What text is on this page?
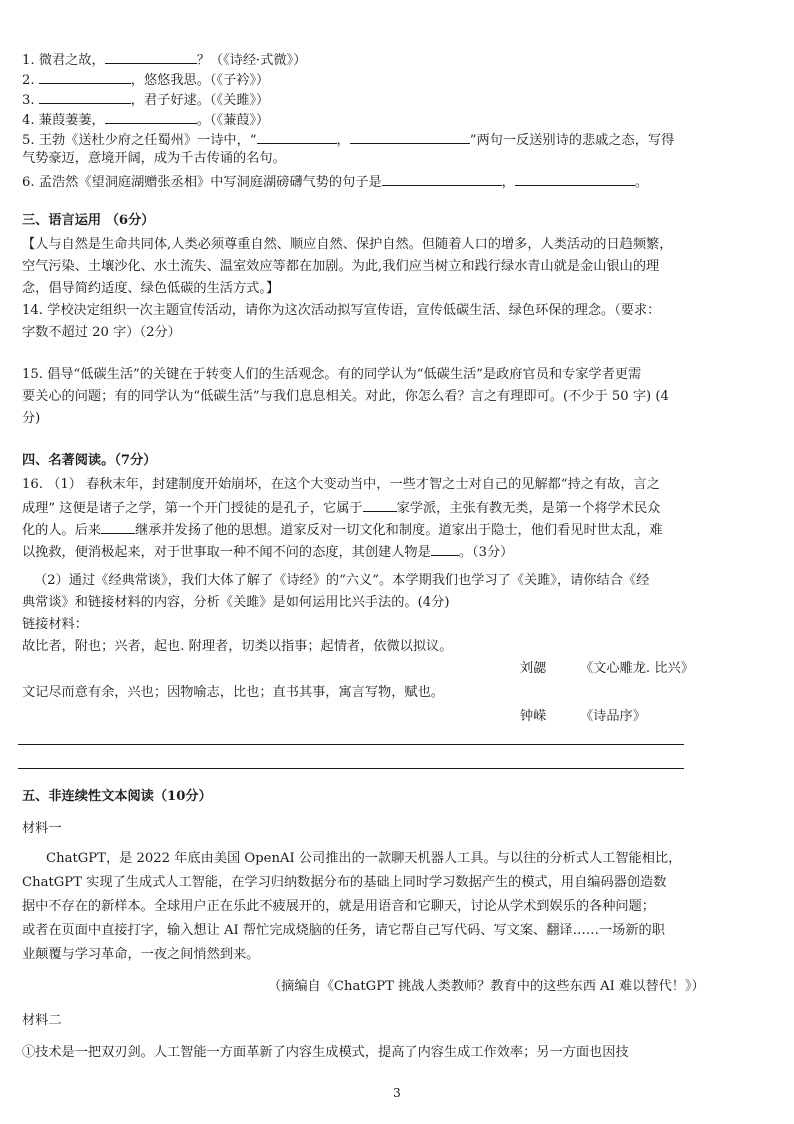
1. 微君之故，	？（《诗经·式微》）
2.	，悠悠我思。（《子衿》）
3.	，君子好逑。（《关雎》）
4. 蒹葭萋萋，	。（《蒹葭》）
5. 王勃《送杜少府之任蜀州》一诗中，“	，	”两句一反送别诗的悲戚之态，写得
气势豪迈，意境开阔，成为千古传诵的名句。
6. 孟浩然《望洞庭湖赠张丞相》中写洞庭湖磅礴气势的句子是	，	。
三、语言运用 （6分）
【人与自然是生命共同体,人类必须尊重自然、顺应自然、保护自然。但随着人口的增多，人类活动的日趋频繁，
空气污染、土壤沙化、水土流失、温室效应等都在加剧。为此,我们应当树立和践行绿水青山就是金山银山的理
念，倡导简约适度、绿色低碳的生活方式。】
14. 学校决定组织一次主题宣传活动，请你为这次活动拟写宣传语，宣传低碳生活、绿色环保的理念。（要求：
字数不超过 20 字）（2分）
15. 倡导“低碳生活”的关键在于转变人们的生活观念。有的同学认为“低碳生活”是政府官员和专家学者更需
要关心的问题；有的同学认为“低碳生活”与我们息息相关。对此，你怎么看？言之有理即可。(不少于 50 字) (4
分)
四、名著阅读。（7分）
16. （1） 春秋末年，封建制度开始崩坏，在这个大变动当中，一些才智之士对自己的见解都“持之有故，言之
成理” 这便是诸子之学，第一个开门授徒的是孔子，它属于	家学派，主张有教无类，是第一个将学术民众
化的人。后来	继承并发扬了他的思想。道家反对一切文化和制度。道家出于隐士，他们看见时世太乱，难
以挽救，便消极起来，对于世事取一种不闻不问的态度，其创建人物是 。（3分）
（2）通过《经典常谈》，我们大体了解了《诗经》的“六义”。本学期我们也学习了《关雎》，请你结合《经
典常谈》和链接材料的内容，分析《关雎》是如何运用比兴手法的。(4分)
链接材料：
故比者，附也；兴者，起也. 附理者，切类以指事；起情者，依微以拟议。
刘勰	《文心雕龙. 比兴》
文记尽而意有余，兴也；因物喻志，比也；直书其事，寓言写物，赋也。
钟嵘	《诗品序》
五、非连续性文本阅读（10分）
材料一
ChatGPT，是 2022 年底由美国 OpenAI 公司推出的一款聊天机器人工具。与以往的分析式人工智能相比，
ChatGPT 实现了生成式人工智能，在学习归纳数据分布的基础上同时学习数据产生的模式，用自编码器创造数
据中不存在的新样本。全球用户正在乐此不疲展开的，就是用语音和它聊天，讨论从学术到娱乐的各种问题；
或者在页面中直接打字，输入想让 AI 帮忙完成烧脑的任务，请它帮自己写代码、写文案、翻译……一场新的职
业颠覆与学习革命，一夜之间悄然到来。
（摘编自《ChatGPT 挑战人类教师？教育中的这些东西 AI 难以替代！》）
材料二
①技术是一把双刃剑。人工智能一方面革新了内容生成模式，提高了内容生成工作效率；另一方面也因技
3
